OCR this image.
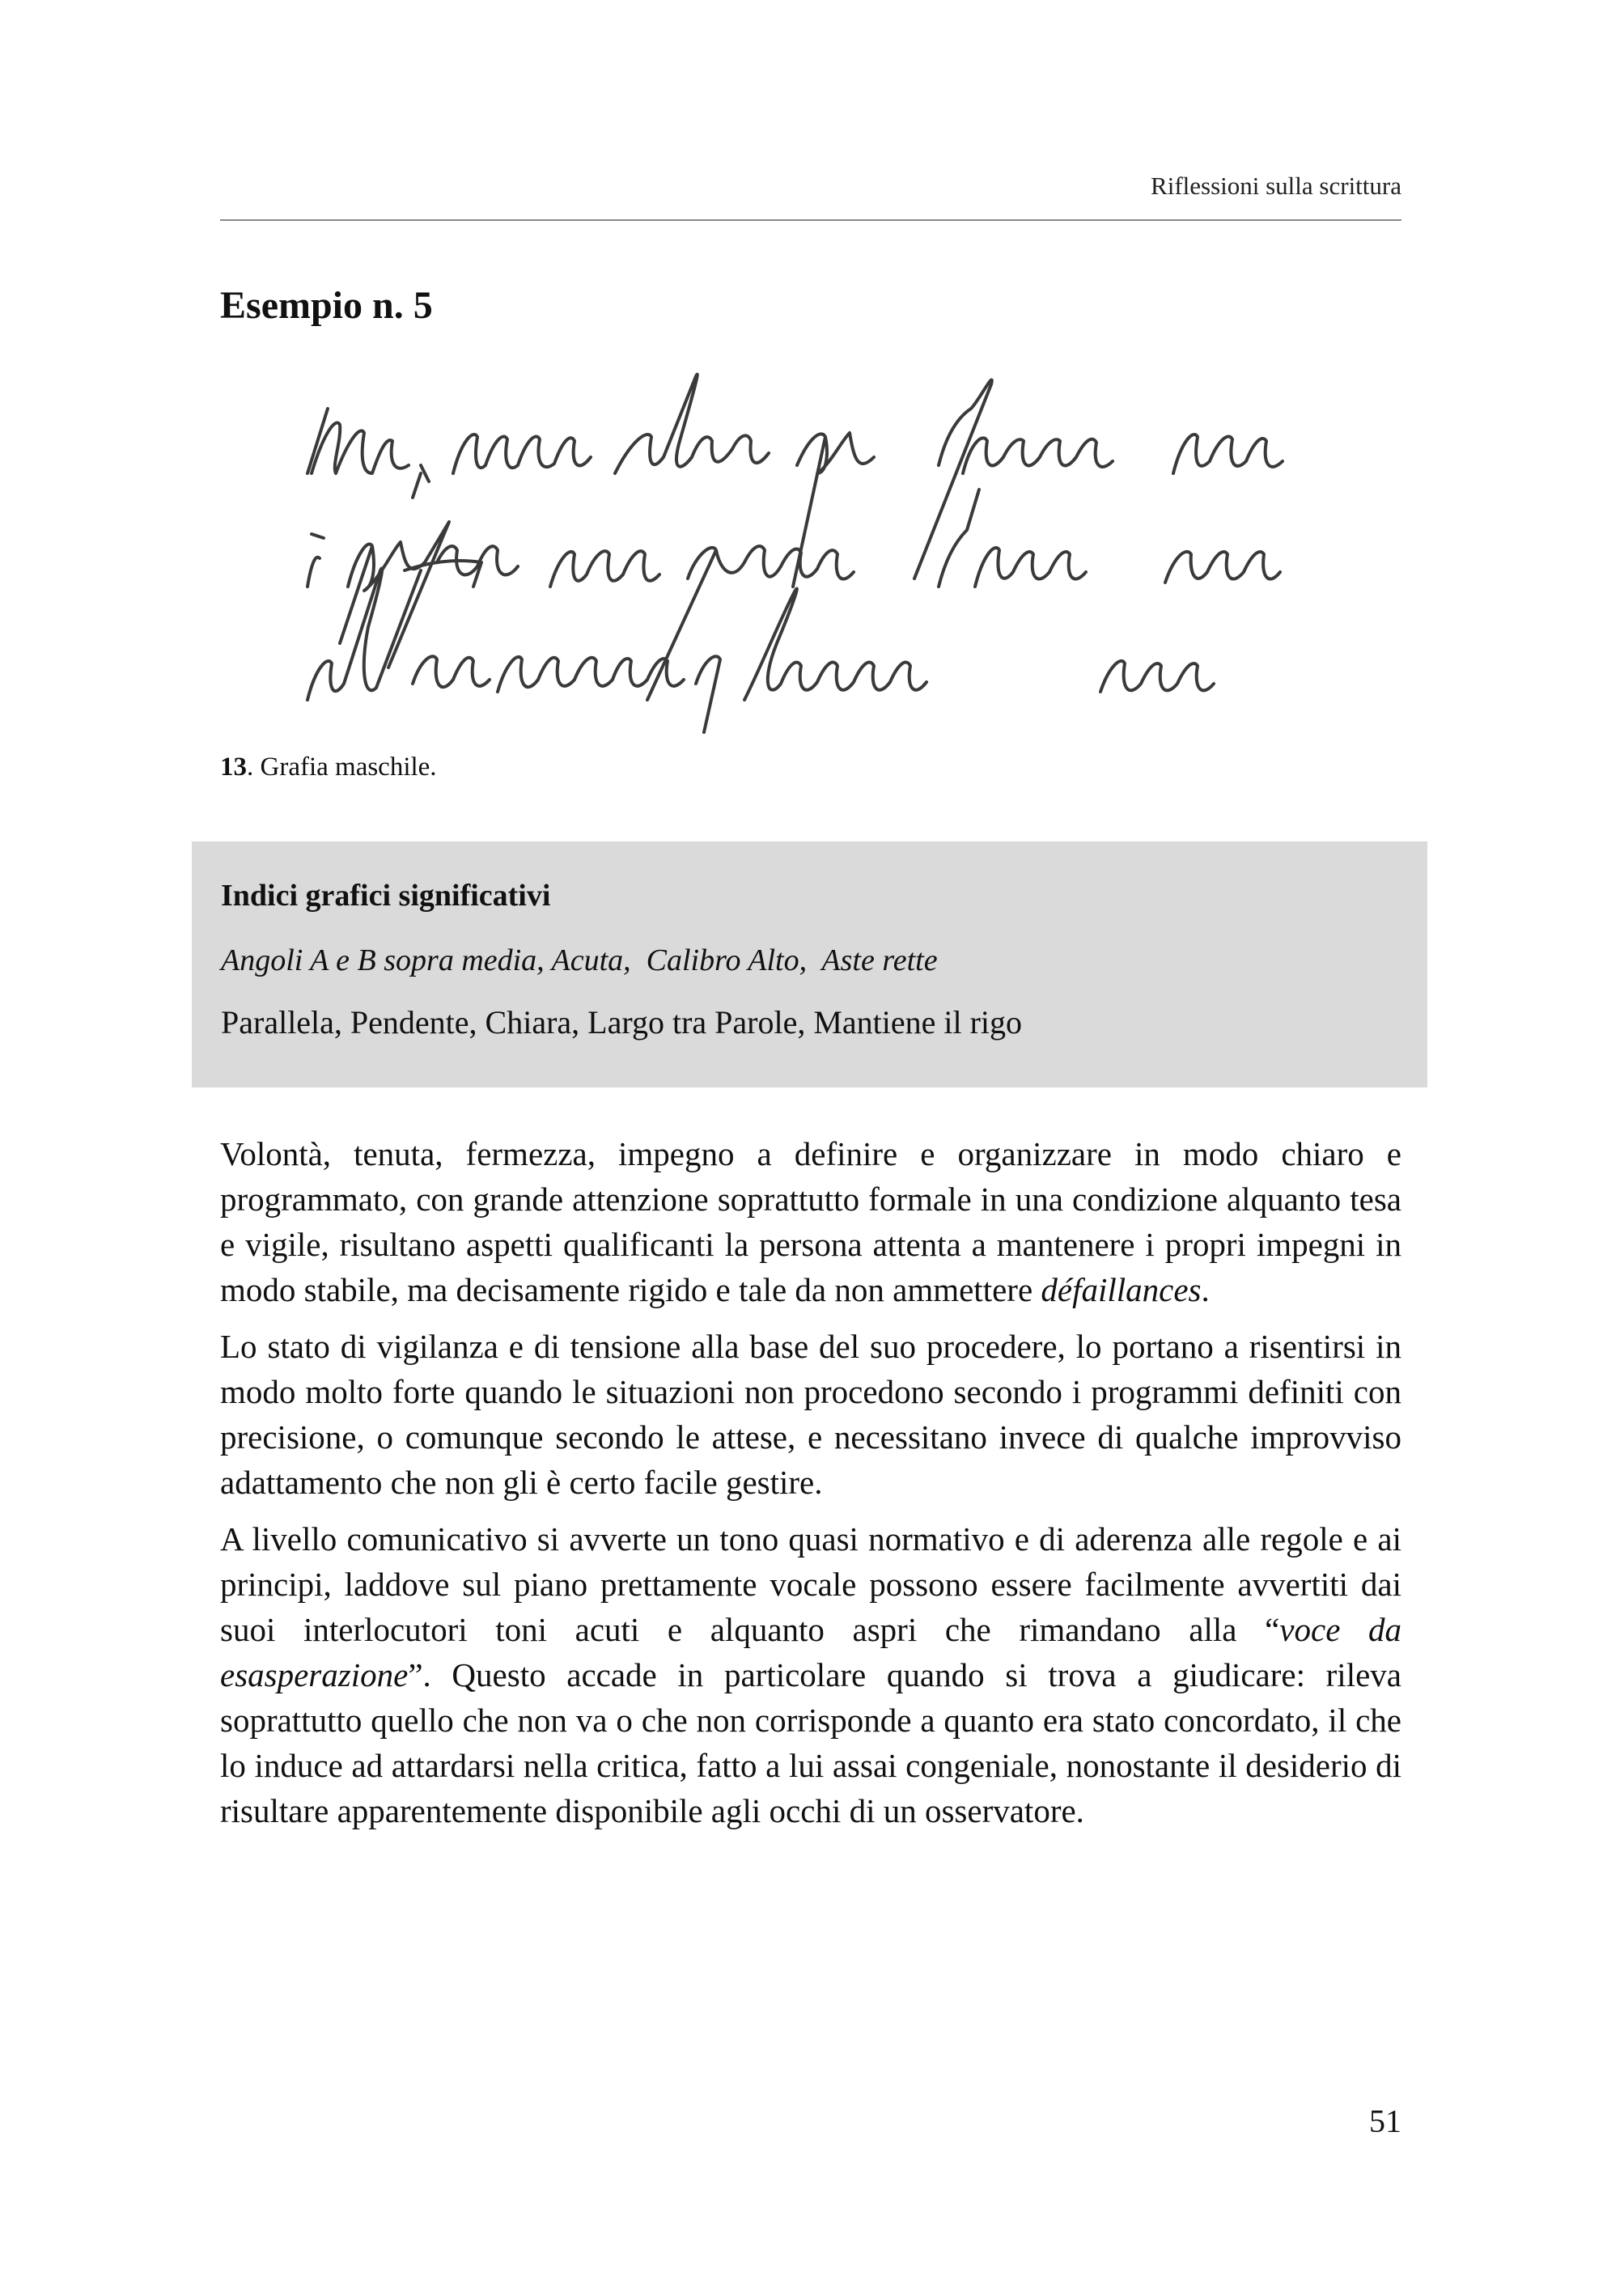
Riflessioni sulla scrittura
Esempio n. 5
13. Grafia maschile.
Indici grafici significativi
Angoli A e B sopra media, Acuta,  Calibro Alto,  Aste rette
Parallela, Pendente, Chiara, Largo tra Parole, Mantiene il rigo

Volontà, tenuta, fermezza, impegno a definire e organizzare in modo chiaro e programmato, con grande attenzione soprattutto formale in una condizione alquanto tesa e vigile, risultano aspetti qualificanti la persona attenta a mantenere i propri impegni in modo stabile, ma decisamente rigido e tale da non ammettere défaillances.

Lo stato di vigilanza e di tensione alla base del suo procedere, lo portano a risentirsi in modo molto forte quando le situazioni non procedono secondo i programmi definiti con precisione, o comunque secondo le attese, e necessitano invece di qualche improvviso adattamento che non gli è certo facile gestire.

A livello comunicativo si avverte un tono quasi normativo e di aderenza alle regole e ai principi, laddove sul piano prettamente vocale possono essere facilmente avvertiti dai suoi interlocutori toni acuti e alquanto aspri che rimandano alla “voce da esasperazione”. Questo accade in particolare quando si trova a giudicare: rileva soprattutto quello che non va o che non corrisponde a quanto era stato concordato, il che lo induce ad attardarsi nella critica, fatto a lui assai congeniale, nonostante il desiderio di risultare apparentemente disponibile agli occhi di un osservatore.

51
